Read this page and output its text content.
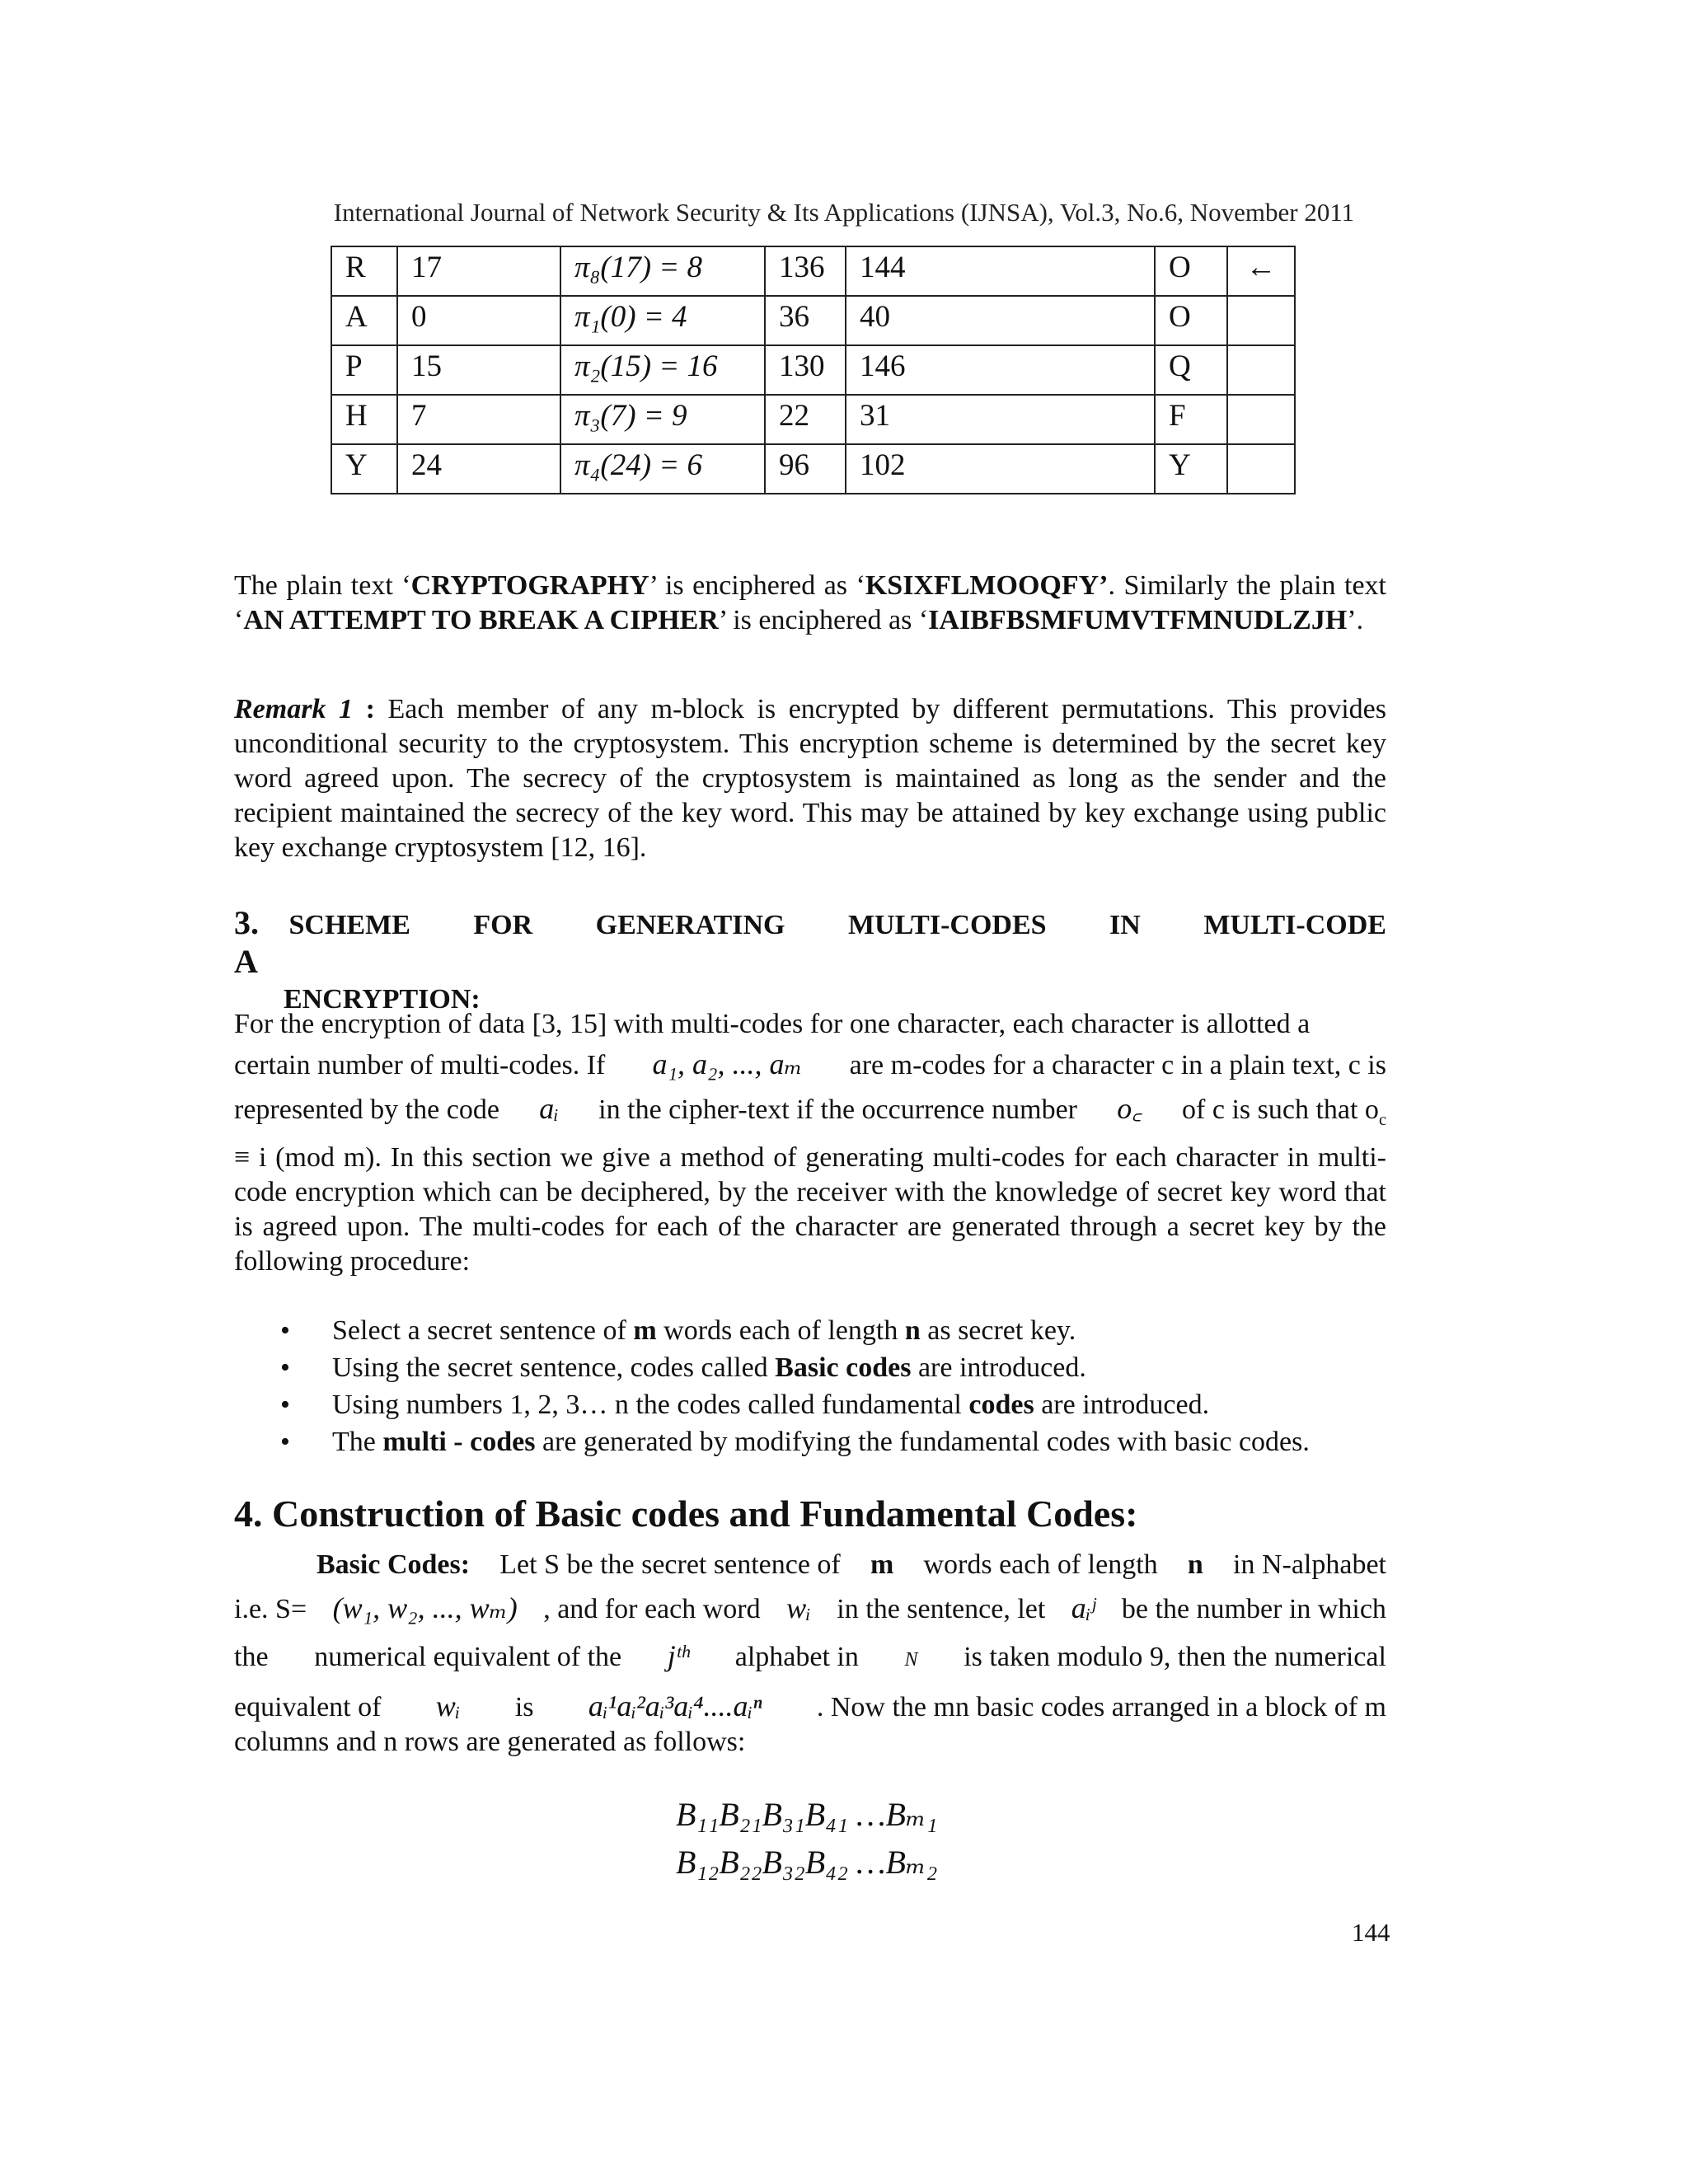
International Journal of Network Security & Its Applications (IJNSA), Vol.3, No.6, November 2011
R	17	π₈(17) = 8	136	144	O	←
A	0	π₁(0) = 4	36	40	O	
P	15	π₂(15) = 16	130	146	Q	
H	7	π₃(7) = 9	22	31	F	
Y	24	π₄(24) = 6	96	102	Y	
The plain text ‘CRYPTOGRAPHY’ is enciphered as ‘KSIXFLMOOQFY’. Similarly the plain text ‘AN ATTEMPT TO BREAK A CIPHER’ is enciphered as ‘IAIBFBSMFUMVTFMNUDLZJH’.
Remark 1 : Each member of any m-block is encrypted by different permutations. This provides unconditional security to the cryptosystem. This encryption scheme is determined by the secret key word agreed upon. The secrecy of the cryptosystem is maintained as long as the sender and the recipient maintained the secrecy of the key word. This may be attained by key exchange using public key exchange cryptosystem [12, 16].
3. A
SCHEME FOR GENERATING MULTI-CODES IN MULTI-CODE
ENCRYPTION:
For the encryption of data [3, 15] with multi-codes for one character, each character is allotted a
certain number of multi-codes. If a₁, a₂, ..., aₘ are m-codes for a character c in a plain text, c is
represented by the code aᵢ in the cipher-text if the occurrence number o꜀ of c is such that $o_c$
≡ i (mod m). In this section we give a method of generating multi-codes for each character in multi-code encryption which can be deciphered, by the receiver with the knowledge of secret key word that is agreed upon. The multi-codes for each of the character are generated through a secret key by the following procedure:
• Select a secret sentence of m words each of length n as secret key.
• Using the secret sentence, codes called Basic codes are introduced.
• Using numbers 1, 2, 3… n the codes called fundamental codes are introduced.
• The multi - codes are generated by modifying the fundamental codes with basic codes.
4. Construction of Basic codes and Fundamental Codes:
Basic Codes: Let S be the secret sentence of m words each of length n in N-alphabet
i.e. S= (w₁, w₂, ..., wₘ) , and for each word wᵢ in the sentence, let aᵢʲ be the number in which
the numerical equivalent of the jᵗʰ alphabet in N is taken modulo 9, then the numerical
equivalent of wᵢ is aᵢ¹aᵢ²aᵢ³aᵢ⁴....aᵢⁿ . Now the mn basic codes arranged in a block of m
columns and n rows are generated as follows:
B₁₁B₂₁B₃₁B₄₁ …Bₘ₁
B₁₂B₂₂B₃₂B₄₂ …Bₘ₂
144
